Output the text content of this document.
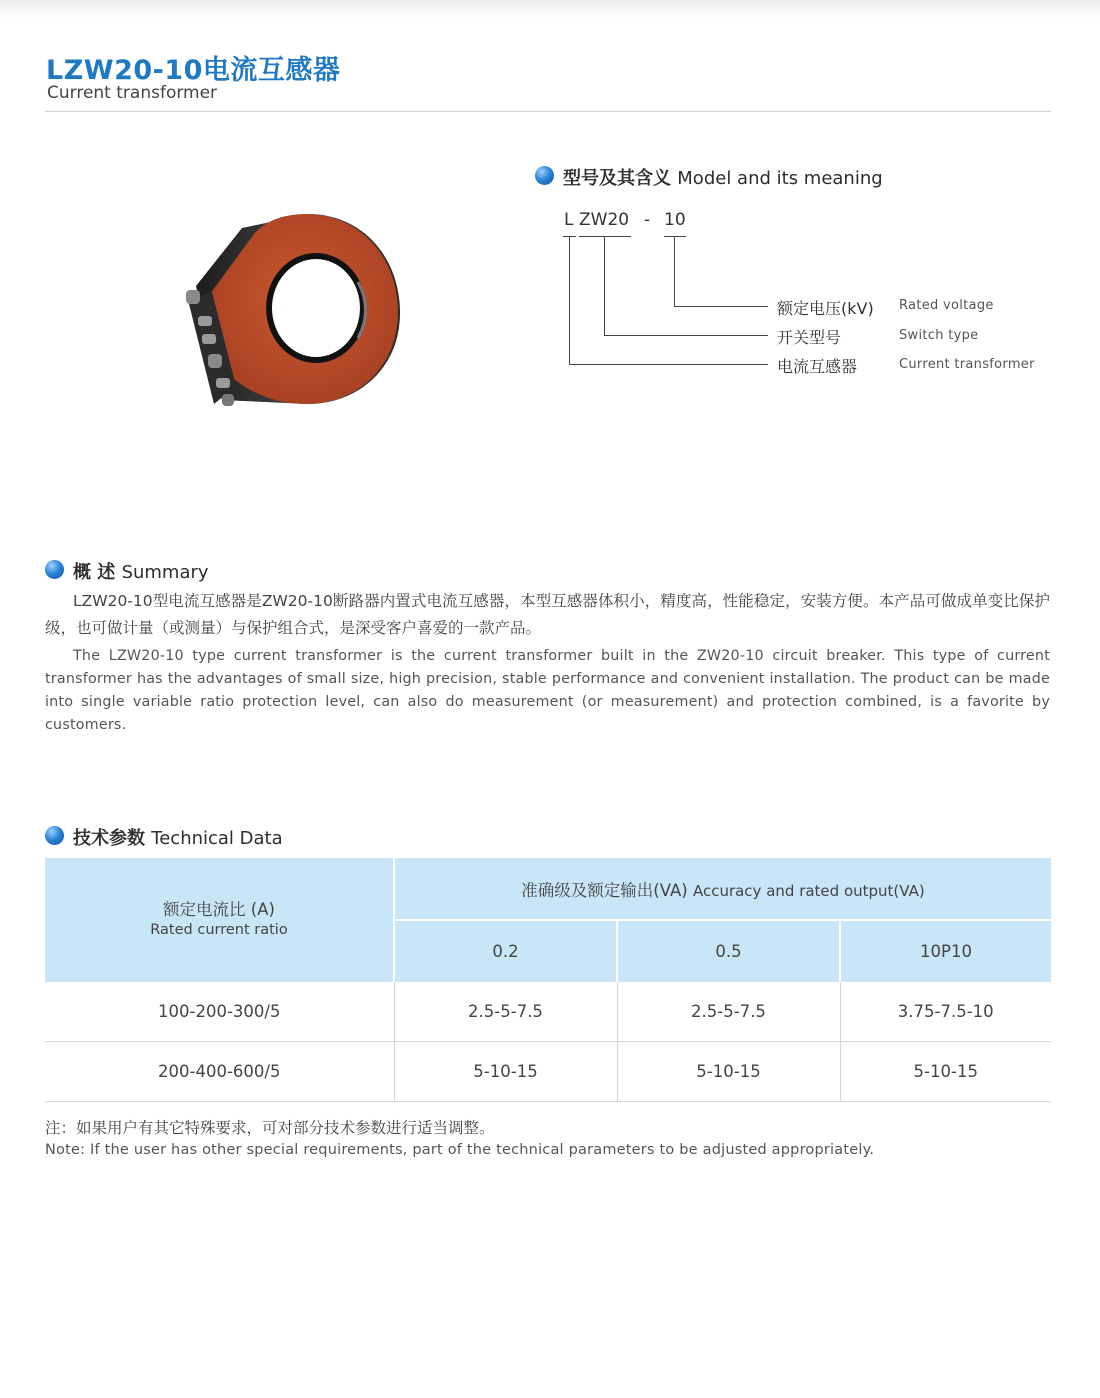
LZW20-10电流互感器
Current transformer
型号及其含义 Model and its meaning
L ZW20 - 10
额定电压(kV) Rated voltage
开关型号	Switch type
电流互感器	Current transformer
概 述 Summary
LZW20-10型电流互感器是ZW20-10断路器内置式电流互感器，本型互感器体积小，精度高，性能稳定，安装方便。本产品可做成单变比保护级，也可做计量（或测量）与保护组合式，是深受客户喜爱的一款产品。
The LZW20-10 type current transformer is the current transformer built in the ZW20-10 circuit breaker. This type of current transformer has the advantages of small size, high precision, stable performance and convenient installation. The product can be made into single variable ratio protection level, can also do measurement (or measurement) and protection combined, is a favorite by customers.
技术参数 Technical Data
额定电流比 (A)
Rated current ratio	准确级及额定输出(VA) Accuracy and rated output(VA)		
	0.2	0.5	10P10
100-200-300/5	2.5-5-7.5	2.5-5-7.5	3.75-7.5-10
200-400-600/5	5-10-15	5-10-15	5-10-15
注：如果用户有其它特殊要求，可对部分技术参数进行适当调整。
Note: If the user has other special requirements, part of the technical parameters to be adjusted appropriately.
